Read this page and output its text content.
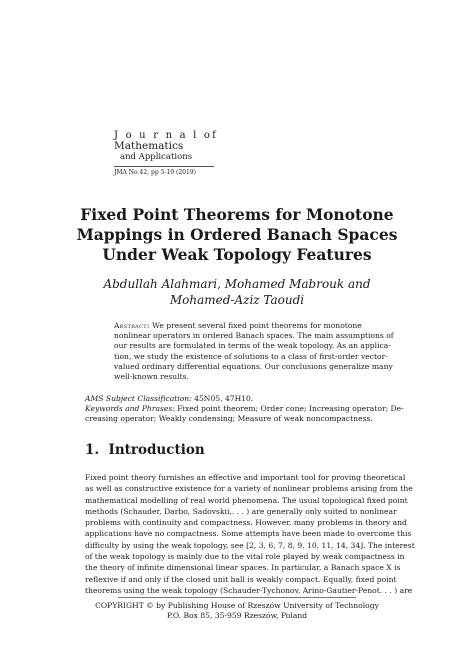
J o u r n a l of
Mathematics
and Applications
JMA No 42, pp 5-19 (2019)
Fixed Point Theorems for Monotone
Mappings in Ordered Banach Spaces
Under Weak Topology Features
Abdullah Alahmari, Mohamed Mabrouk and
Mohamed-Aziz Taoudi
Abstract: We present several fixed point theorems for monotone
nonlinear operators in ordered Banach spaces. The main assumptions of
our results are formulated in terms of the weak topology. As an applica-
tion, we study the existence of solutions to a class of first-order vector-
valued ordinary differential equations. Our conclusions generalize many
well-known results.
AMS Subject Classification: 45N05, 47H10.
Keywords and Phrases: Fixed point theorem; Order cone; Increasing operator; De-
creasing operator; Weakly condensing; Measure of weak noncompactness.
1. Introduction
Fixed point theory furnishes an effective and important tool for proving theoretical
as well as constructive existence for a variety of nonlinear problems arising from the
mathematical modelling of real world phenomena. The usual topological fixed point
methods (Schauder, Darbo, Sadovskii,. . . ) are generally only suited to nonlinear
problems with continuity and compactness. However, many problems in theory and
applications have no compactness. Some attempts have been made to overcome this
difficulty by using the weak topology, see [2, 3, 6, 7, 8, 9, 10, 11, 14, 34]. The interest
of the weak topology is mainly due to the vital role played by weak compactness in
the theory of infinite dimensional linear spaces. In particular, a Banach space X is
reflexive if and only if the closed unit ball is weakly compact. Equally, fixed point
theorems using the weak topology (Schauder-Tychonov, Arino-Gautier-Penot. . . ) are
COPYRIGHT © by Publishing House of Rzeszów University of Technology
P.O. Box 85, 35-959 Rzeszów, Poland
